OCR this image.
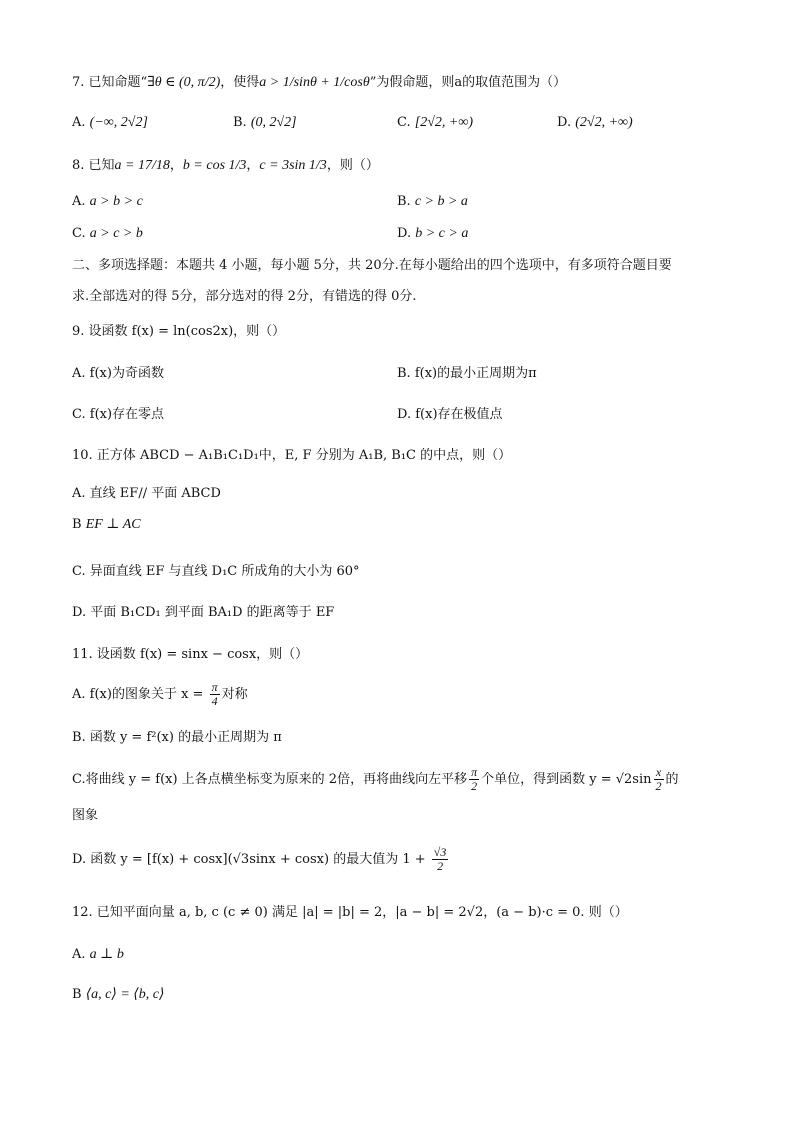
7. 已知命题“∃θ ∈ (0, π/2)，使得a > 1/sinθ + 1/cosθ”为假命题，则a的取值范围为（）
A. (−∞, 2√2]	B. (0, 2√2]	C. [2√2, +∞)	D. (2√2, +∞)
8. 已知a = 17/18，b = cos 1/3，c = 3sin 1/3，则（）
A. a > b > c	B. c > b > a
C. a > c > b	D. b > c > a
二、多项选择题：本题共 4 小题，每小题 5分，共 20分.在每小题给出的四个选项中，有多项符合题目要
求.全部选对的得 5分，部分选对的得 2分，有错选的得 0分.
9. 设函数 f(x) = ln(cos2x)，则（）
A. f(x)为奇函数	B. f(x)的最小正周期为π
C. f(x)存在零点	D. f(x)存在极值点
10. 正方体 ABCD − A₁B₁C₁D₁中，E, F 分别为 A₁B, B₁C 的中点，则（）
A. 直线 EF// 平面 ABCD
B EF ⊥ AC
C. 异面直线 EF 与直线 D₁C 所成角的大小为 60°
D. 平面 B₁CD₁ 到平面 BA₁D 的距离等于 EF
11. 设函数 f(x) = sinx − cosx，则（）
A. f(x)的图象关于 $x = \frac{\pi}{4}$ 对称
B. 函数 y = f²(x) 的最小正周期为 π
C.将曲线 y = f(x) 上各点横坐标变为原来的 2倍，再将曲线向左平移 $\frac{\pi}{2}$ 个单位，得到函数 $y = √2\sin \frac{x}{2}$ 的
图象
D. 函数 y = [f(x) + cosx](√3sinx + cosx) 的最大值为 $1 + \frac{√3}{2}$
12. 已知平面向量 a, b, c (c ≠ 0) 满足 |a| = |b| = 2，|a − b| = 2√2，(a − b)·c = 0. 则（）
A. a ⊥ b
B ⟨a, c⟩ = ⟨b, c⟩
